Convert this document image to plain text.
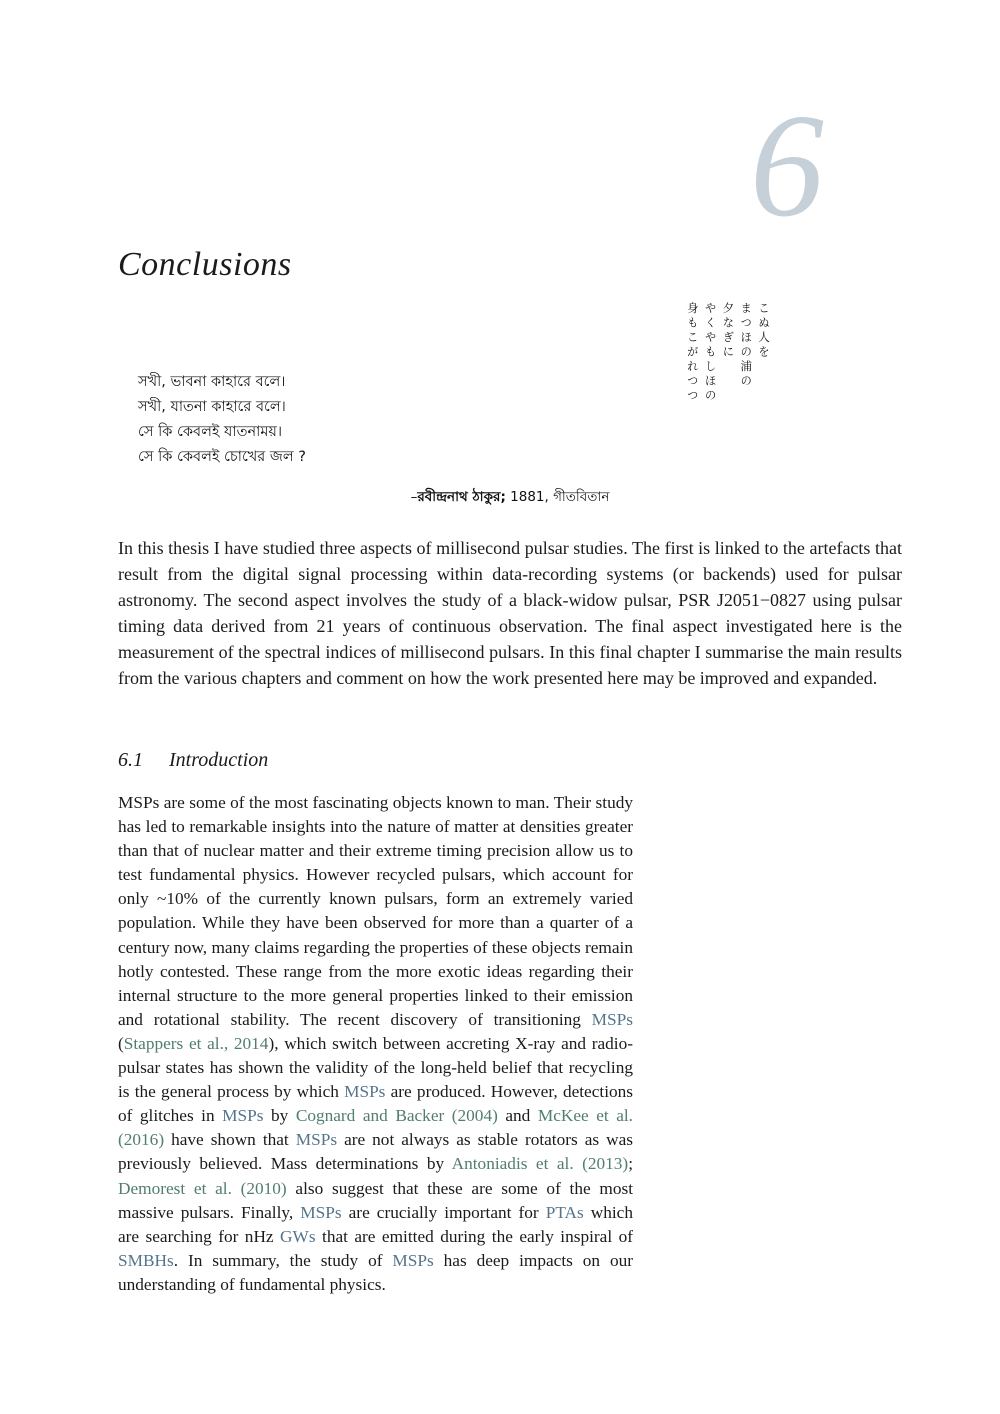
6
Conclusions
সখী, ভাবনা কাহারে বলে।
সখী, যাতনা কাহারে বলে।
সে কি কেবলই যাতনাময়।
সে কি কেবলই চোখের জল ?
こぬ人を
まつほの浦の
夕なぎに
やくやもしほの
身もこがれつつ
–রবীন্দ্রনাথ ঠাকুর; 1881, গীতবিতান

In this thesis I have studied three aspects of millisecond pulsar studies. The first is linked to the artefacts that result from the digital signal processing within data-recording systems (or backends) used for pulsar astronomy. The second aspect involves the study of a black-widow pulsar, PSR J2051−0827 using pulsar timing data derived from 21 years of continuous observation. The final aspect investigated here is the measurement of the spectral indices of millisecond pulsars. In this final chapter I summarise the main results from the various chapters and comment on how the work presented here may be improved and expanded.

6.1 Introduction

MSPs are some of the most fascinating objects known to man. Their study has led to remarkable insights into the nature of matter at densities greater than that of nuclear matter and their extreme timing precision allow us to test fundamental physics. However recycled pulsars, which account for only ~10% of the currently known pulsars, form an extremely varied population. While they have been observed for more than a quarter of a century now, many claims regarding the properties of these objects remain hotly contested. These range from the more exotic ideas regarding their internal structure to the more general properties linked to their emission and rotational stability. The recent discovery of transitioning MSPs (Stappers et al., 2014), which switch between accreting X-ray and radio-pulsar states has shown the validity of the long-held belief that recycling is the general process by which MSPs are produced. However, detections of glitches in MSPs by Cognard and Backer (2004) and McKee et al. (2016) have shown that MSPs are not always as stable rotators as was previously believed. Mass determinations by Antoniadis et al. (2013); Demorest et al. (2010) also suggest that these are some of the most massive pulsars. Finally, MSPs are crucially important for PTAs which are searching for nHz GWs that are emitted during the early inspiral of SMBHs. In summary, the study of MSPs has deep impacts on our understanding of fundamental physics.
